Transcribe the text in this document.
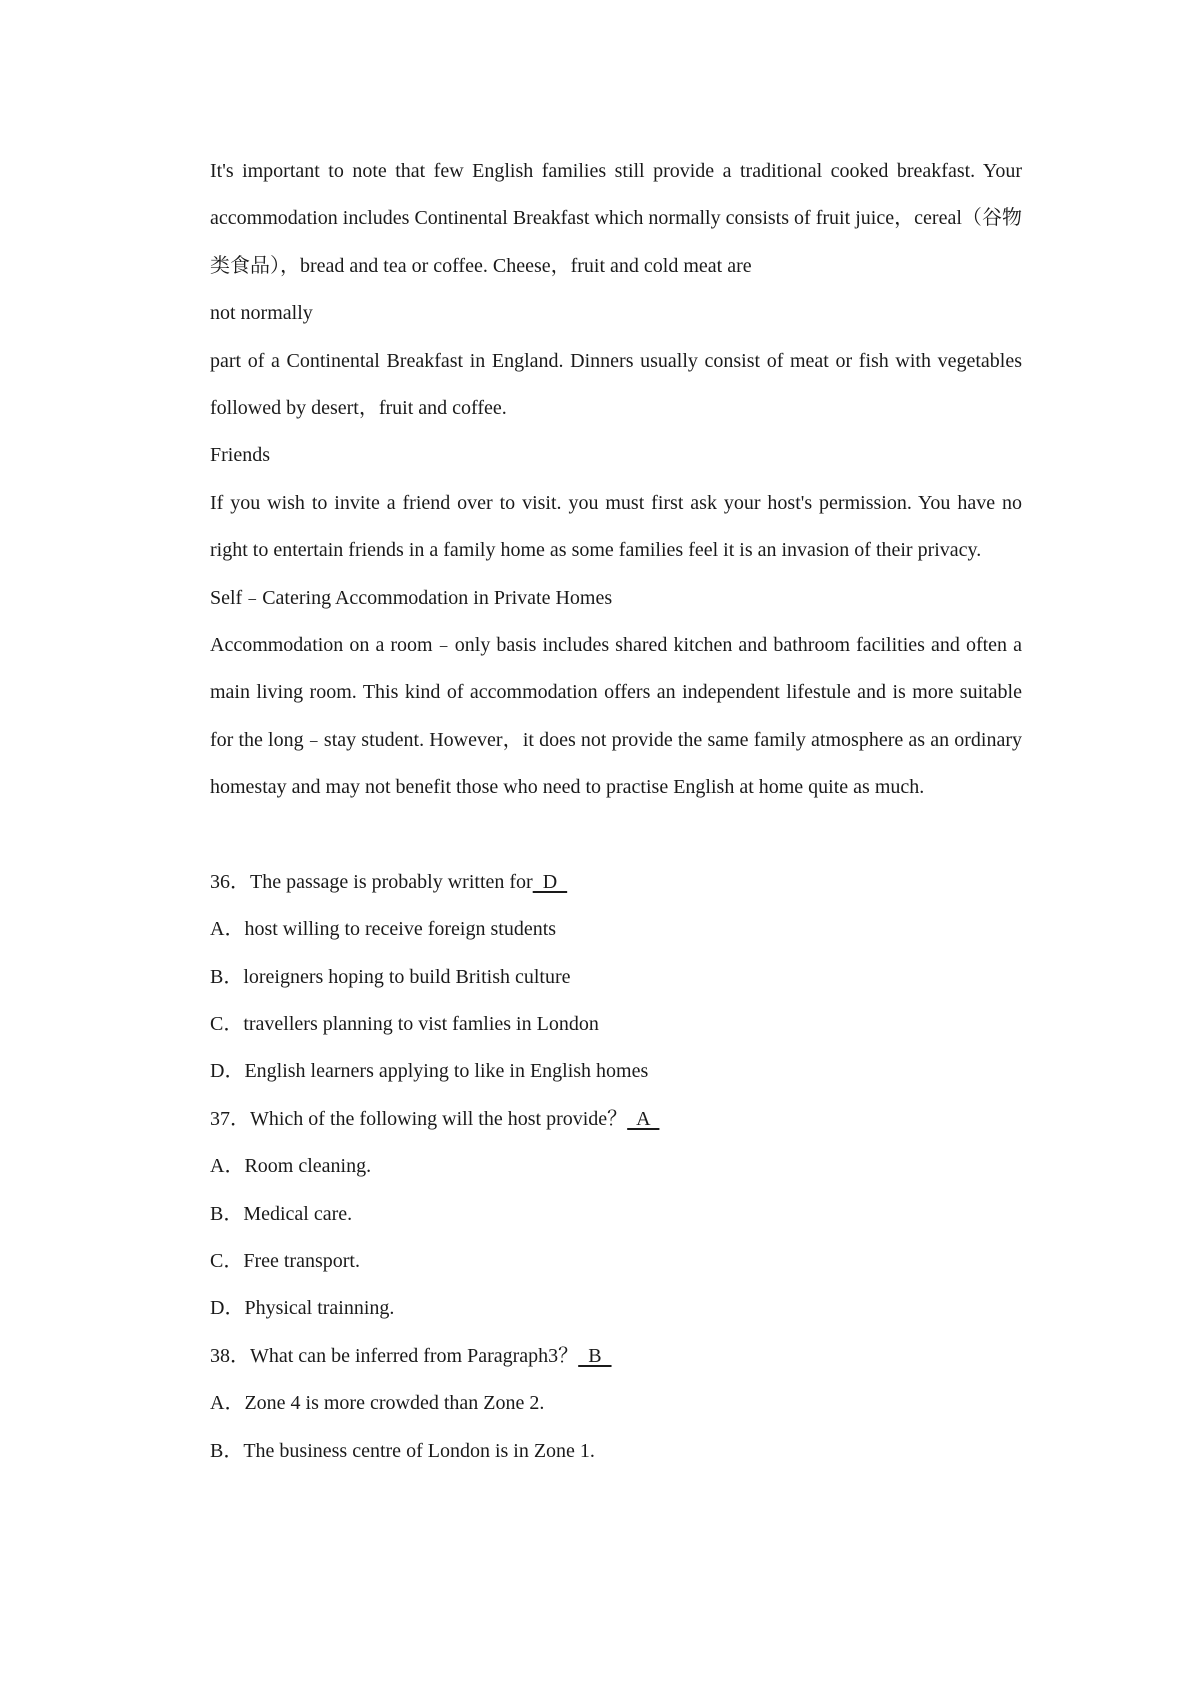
It's important to note that few English families still provide a traditional cooked breakfast. Your accommodation includes Continental Breakfast which normally consists of fruit juice，cereal（谷物类食品），bread and tea or coffee. Cheese，fruit and cold meat are

not normally

part of a Continental Breakfast in England. Dinners usually consist of meat or fish with vegetables followed by desert，fruit and coffee.

Friends

If you wish to invite a friend over to visit. you must first ask your host's permission. You have no right to entertain friends in a family home as some families feel it is an invasion of their privacy.

Self﹣Catering Accommodation in Private Homes

Accommodation on a room﹣only basis includes shared kitchen and bathroom facilities and often a main living room. This kind of accommodation offers an independent lifestule and is more suitable for the long﹣stay student. However，it does not provide the same family atmosphere as an ordinary homestay and may not benefit those who need to practise English at home quite as much.

36．The passage is probably written for  D

A．host willing to receive foreign students

B．loreigners hoping to build British culture

C．travellers planning to vist famlies in London

D．English learners applying to like in English homes

37．Which of the following will the host provide？  A

A．Room cleaning.

B．Medical care.

C．Free transport.

D．Physical trainning.

38．What can be inferred from Paragraph3？  B

A．Zone 4 is more crowded than Zone 2.

B．The business centre of London is in Zone 1.
